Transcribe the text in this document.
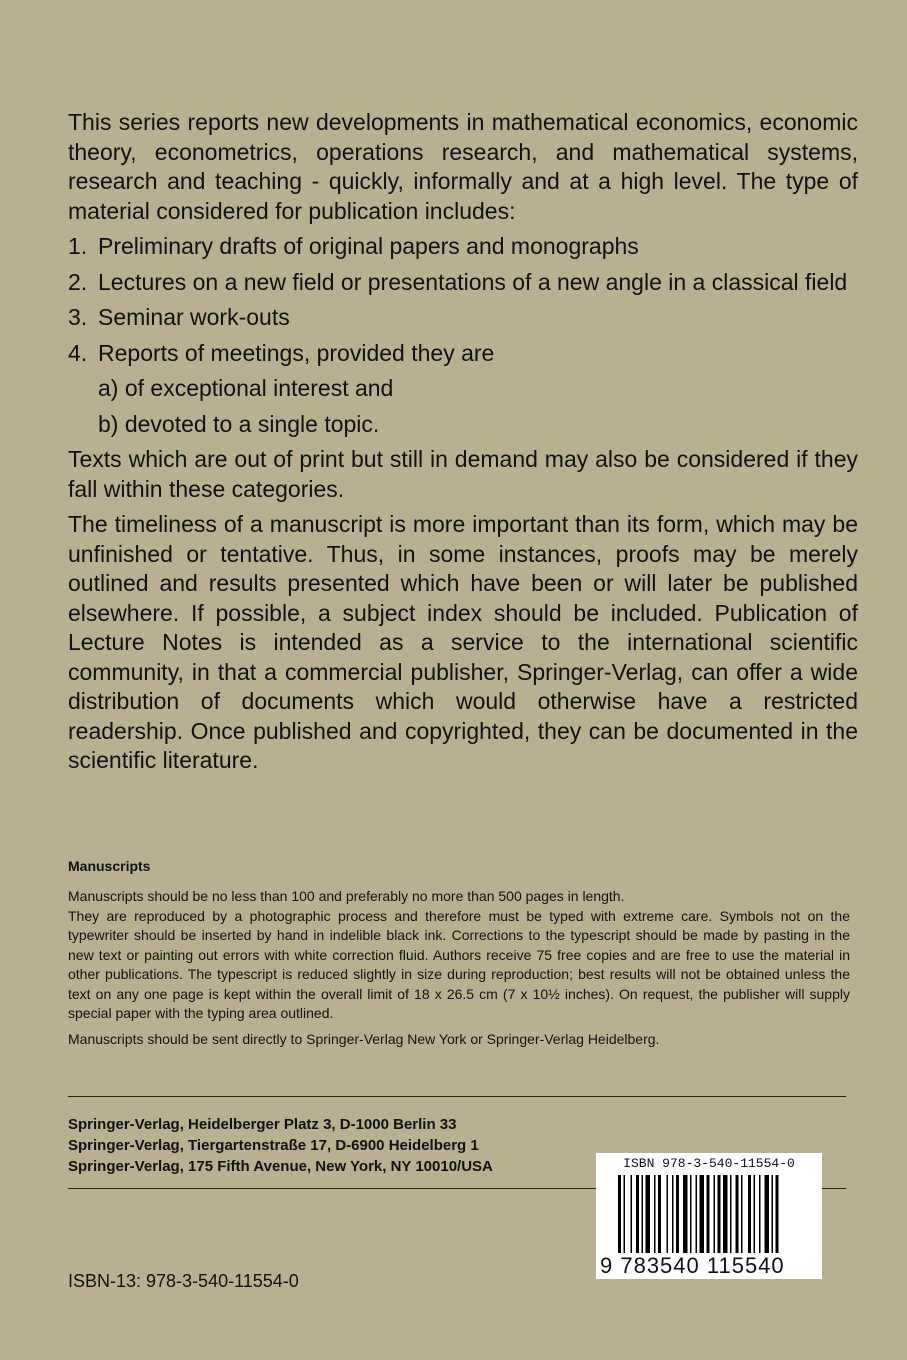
This series reports new developments in mathematical economics, economic theory, econometrics, operations research, and mathematical systems, research and teaching - quickly, informally and at a high level. The type of material considered for publication includes:

1. Preliminary drafts of original papers and monographs
2. Lectures on a new field or presentations of a new angle in a classical field
3. Seminar work-outs
4. Reports of meetings, provided they are
a) of exceptional interest and
b) devoted to a single topic.

Texts which are out of print but still in demand may also be considered if they fall within these categories.

The timeliness of a manuscript is more important than its form, which may be unfinished or tentative. Thus, in some instances, proofs may be merely outlined and results presented which have been or will later be published elsewhere. If possible, a subject index should be included. Publication of Lecture Notes is intended as a service to the international scientific community, in that a commercial publisher, Springer-Verlag, can offer a wide distribution of documents which would otherwise have a restricted readership. Once published and copyrighted, they can be documented in the scientific literature.

Manuscripts

Manuscripts should be no less than 100 and preferably no more than 500 pages in length.

They are reproduced by a photographic process and therefore must be typed with extreme care. Symbols not on the typewriter should be inserted by hand in indelible black ink. Corrections to the typescript should be made by pasting in the new text or painting out errors with white correction fluid. Authors receive 75 free copies and are free to use the material in other publications. The typescript is reduced slightly in size during reproduction; best results will not be obtained unless the text on any one page is kept within the overall limit of 18 x 26.5 cm (7 x 10½ inches). On request, the publisher will supply special paper with the typing area outlined.

Manuscripts should be sent directly to Springer-Verlag New York or Springer-Verlag Heidelberg.

Springer-Verlag, Heidelberger Platz 3, D-1000 Berlin 33
Springer-Verlag, Tiergartenstraße 17, D-6900 Heidelberg 1
Springer-Verlag, 175 Fifth Avenue, New York, NY 10010/USA	ISBN 978-3-540-11554-0
9 783540 115540
ISBN-13: 978-3-540-11554-0
